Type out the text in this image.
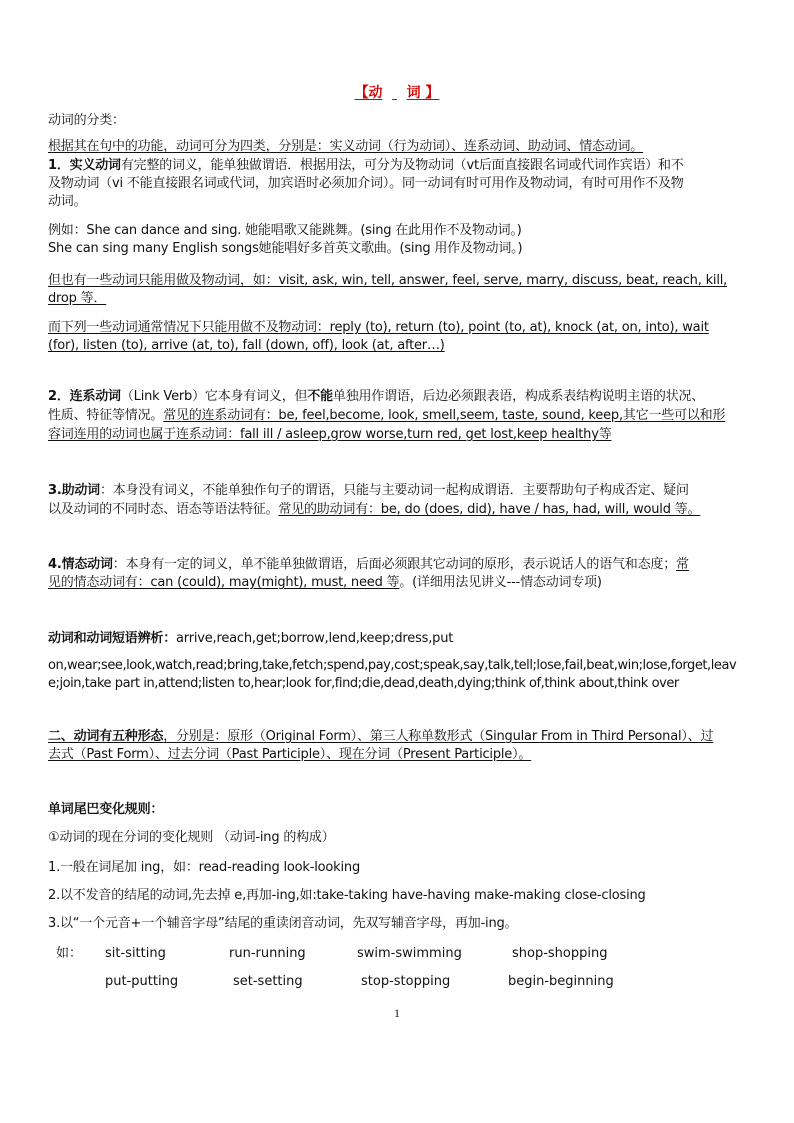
【动 词 】
动词的分类：
根据其在句中的功能，动词可分为四类，分别是：实义动词（行为动词）、连系动词、助动词、情态动词。
1．实义动词有完整的词义，能单独做谓语．根据用法，可分为及物动词（vt后面直接跟名词或代词作宾语）和不
及物动词（vi 不能直接跟名词或代词，加宾语时必须加介词）。同一动词有时可用作及物动词，有时可用作不及物
动词。
例如：She can dance and sing. 她能唱歌又能跳舞。(sing 在此用作不及物动词。)
She can sing many English songs她能唱好多首英文歌曲。(sing 用作及物动词。)
但也有一些动词只能用做及物动词，如：visit, ask, win, tell, answer, feel, serve, marry, discuss, beat, reach, kill,
drop 等．
而下列一些动词通常情况下只能用做不及物动词：reply (to), return (to), point (to, at), knock (at, on, into), wait
(for), listen (to), arrive (at, to), fall (down, off), look (at, after…)
2．连系动词（Link Verb）它本身有词义，但不能单独用作谓语，后边必须跟表语，构成系表结构说明主语的状况、
性质、特征等情况。常见的连系动词有：be, feel,become, look, smell,seem, taste, sound, keep,其它一些可以和形
容词连用的动词也属于连系动词：fall ill / asleep,grow worse,turn red, get lost,keep healthy等
3.助动词：本身没有词义，不能单独作句子的谓语，只能与主要动词一起构成谓语．主要帮助句子构成否定、疑问
以及动词的不同时态、语态等语法特征。常见的助动词有：be, do (does, did), have / has, had, will, would 等。
4.情态动词：本身有一定的词义，单不能单独做谓语，后面必须跟其它动词的原形，表示说话人的语气和态度；常
见的情态动词有：can (could), may(might), must, need 等。(详细用法见讲义---情态动词专项)
动词和动词短语辨析：arrive,reach,get;borrow,lend,keep;dress,put
on,wear;see,look,watch,read;bring,take,fetch;spend,pay,cost;speak,say,talk,tell;lose,fail,beat,win;lose,forget,leav
e;join,take part in,attend;listen to,hear;look for,find;die,dead,death,dying;think of,think about,think over
二、动词有五种形态，分别是：原形（Original Form）、第三人称单数形式（Singular From in Third Personal）、过
去式（Past Form）、过去分词（Past Participle）、现在分词（Present Participle）。
单词尾巴变化规则：
①动词的现在分词的变化规则 （动词-ing 的构成）
1.一般在词尾加 ing，如：read-reading look-looking
2.以不发音的结尾的动词,先去掉 e,再加-ing,如:take-taking have-having make-making close-closing
3.以“一个元音+一个辅音字母”结尾的重读闭音动词，先双写辅音字母，再加-ing。
如： sit-sitting	run-running	swim-swimming	shop-shopping
put-putting	set-setting	stop-stopping	begin-beginning
1
